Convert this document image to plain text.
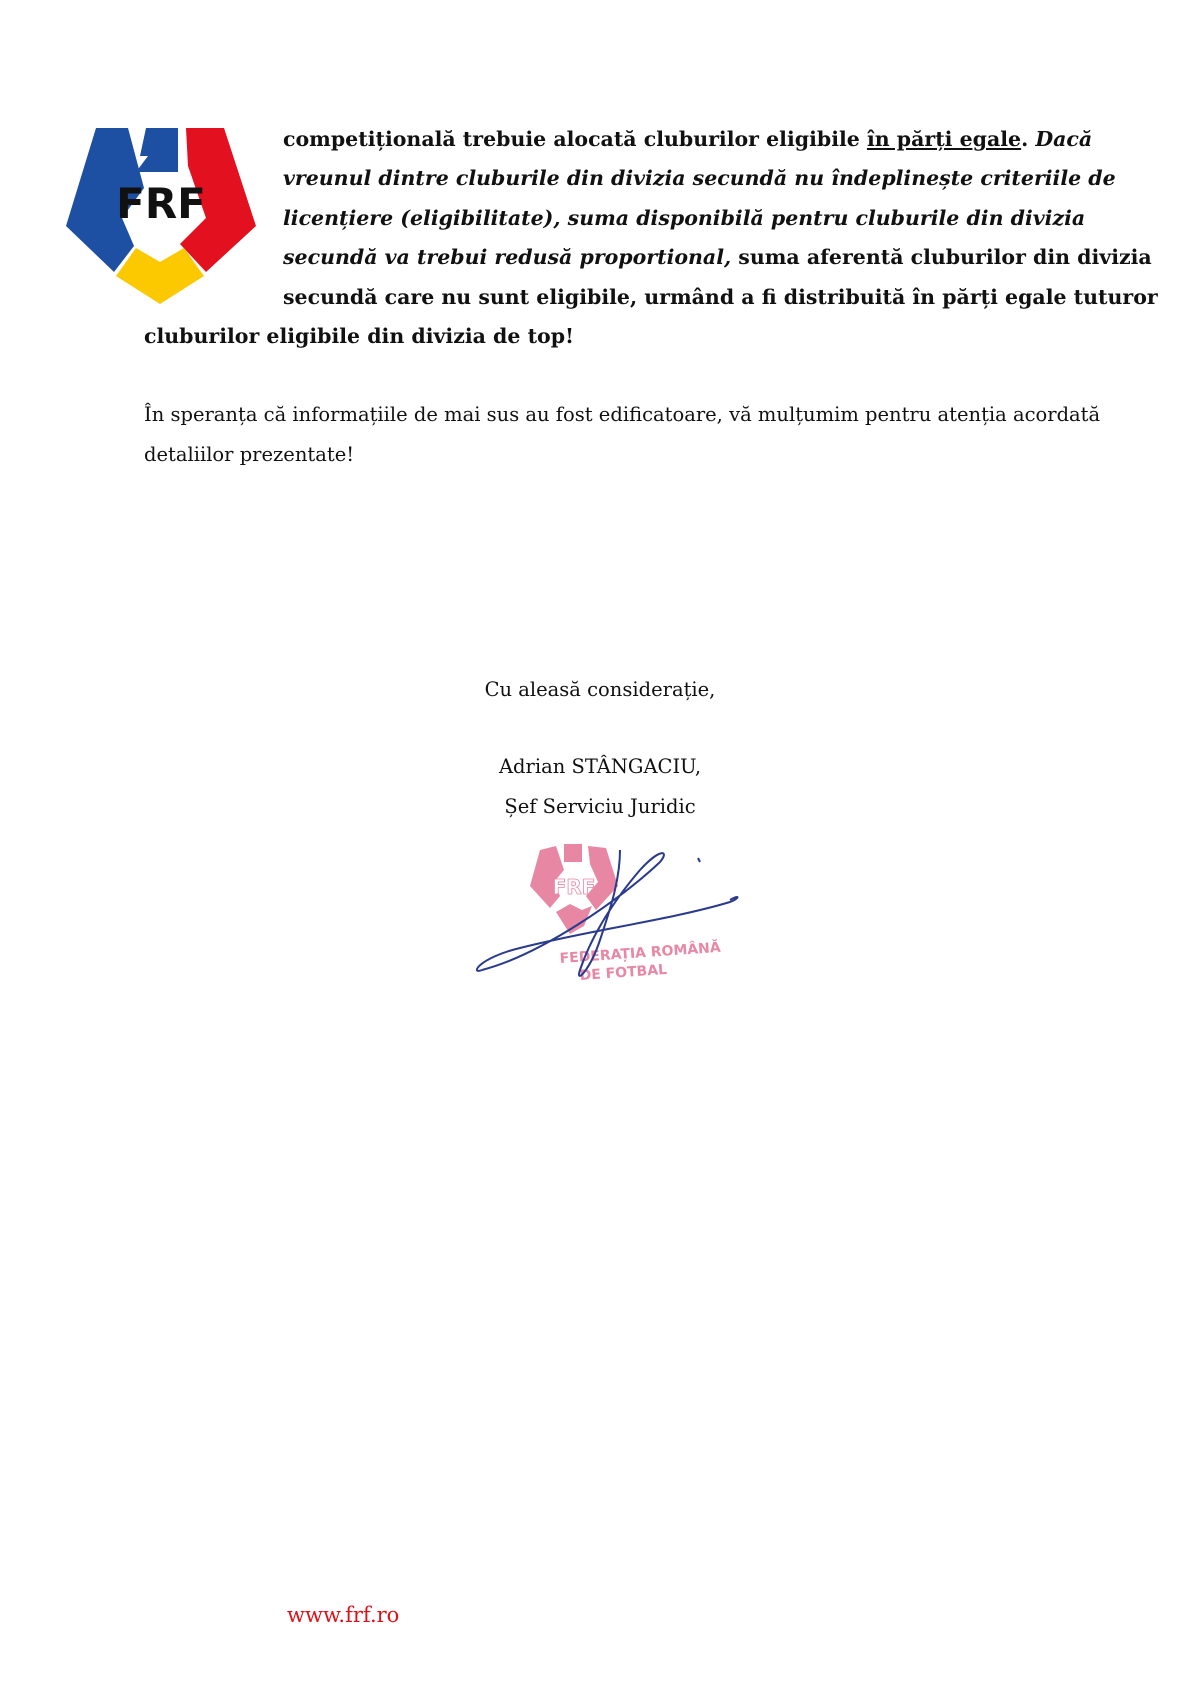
FRF
competițională trebuie alocată cluburilor eligibile în părți egale. Dacă
vreunul dintre cluburile din divizia secundă nu îndeplinește criteriile de
licențiere (eligibilitate), suma disponibilă pentru cluburile din divizia
secundă va trebui redusă proportional, suma aferentă cluburilor din divizia
secundă care nu sunt eligibile, urmând a fi distribuită în părți egale tuturor
cluburilor eligibile din divizia de top!
În speranța că informațiile de mai sus au fost edificatoare, vă mulțumim pentru atenția acordată
detaliilor prezentate!
Cu aleasă considerație,
Adrian STÂNGACIU,
Șef Serviciu Juridic
FRF
FEDERAȚIA ROMÂNĂ
DE FOTBAL
www.frf.ro
